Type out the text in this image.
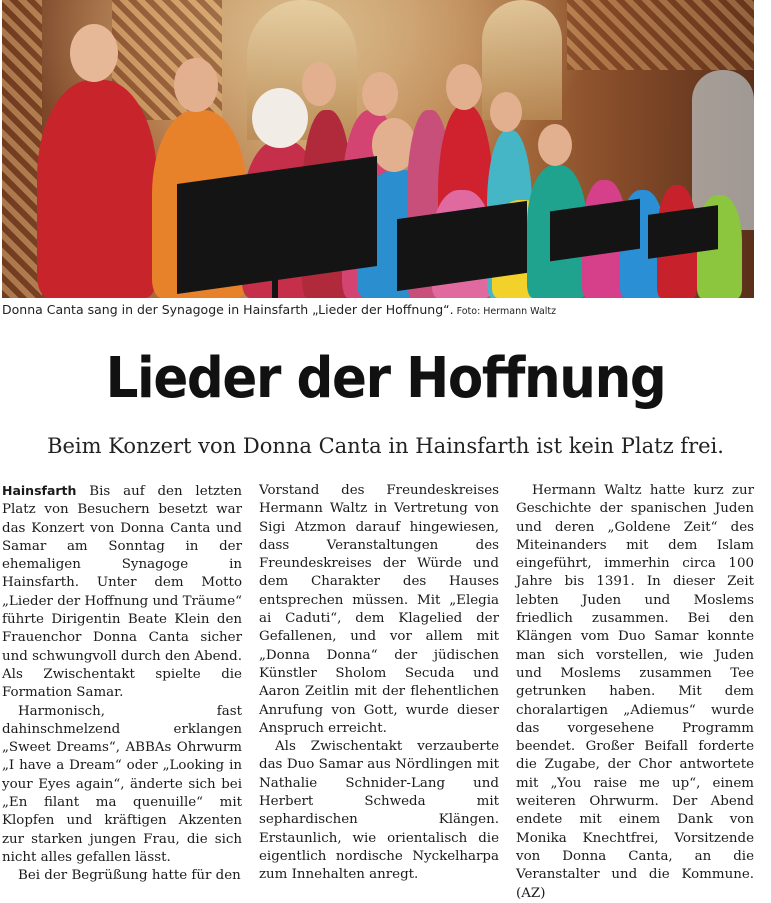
Donna Canta sang in der Synagoge in Hainsfarth „Lieder der Hoffnung“. Foto: Hermann Waltz
Lieder der Hoffnung
Beim Konzert von Donna Canta in Hainsfarth ist kein Platz frei.

Hainsfarth Bis auf den letzten Platz von Besuchern besetzt war das Konzert von Donna Canta und Samar am Sonntag in der ehemaligen Synagoge in Hainsfarth. Unter dem Motto „Lieder der Hoffnung und Träume“ führte Dirigentin Beate Klein den Frauenchor Donna Canta sicher und schwungvoll durch den Abend. Als Zwischentakt spielte die Formation Samar.

Harmonisch, fast dahinschmelzend erklangen „Sweet Dreams“, ABBAs Ohrwurm „I have a Dream“ oder „Looking in your Eyes again“, änderte sich bei „En filant ma quenuille“ mit Klopfen und kräftigen Akzenten zur starken jungen Frau, die sich nicht alles gefallen lässt.

Bei der Begrüßung hatte für den

Vorstand des Freundeskreises Hermann Waltz in Vertretung von Sigi Atzmon darauf hingewiesen, dass Veranstaltungen des Freundeskreises der Würde und dem Charakter des Hauses entsprechen müssen. Mit „Elegia ai Caduti“, dem Klagelied der Gefallenen, und vor allem mit „Donna Donna“ der jüdischen Künstler Sholom Secuda und Aaron Zeitlin mit der flehentlichen Anrufung von Gott, wurde dieser Anspruch erreicht.

Als Zwischentakt verzauberte das Duo Samar aus Nördlingen mit Nathalie Schnider-Lang und Herbert Schweda mit sephardischen Klängen. Erstaunlich, wie orientalisch die eigentlich nordische Nyckelharpa zum Innehalten anregt.

Hermann Waltz hatte kurz zur Geschichte der spanischen Juden und deren „Goldene Zeit“ des Miteinanders mit dem Islam eingeführt, immerhin circa 100 Jahre bis 1391. In dieser Zeit lebten Juden und Moslems friedlich zusammen. Bei den Klängen vom Duo Samar konnte man sich vorstellen, wie Juden und Moslems zusammen Tee getrunken haben. Mit dem choralartigen „Adiemus“ wurde das vorgesehene Programm beendet. Großer Beifall forderte die Zugabe, der Chor antwortete mit „You raise me up“, einem weiteren Ohrwurm. Der Abend endete mit einem Dank von Monika Knechtfrei, Vorsitzende von Donna Canta, an die Veranstalter und die Kommune. (AZ)
